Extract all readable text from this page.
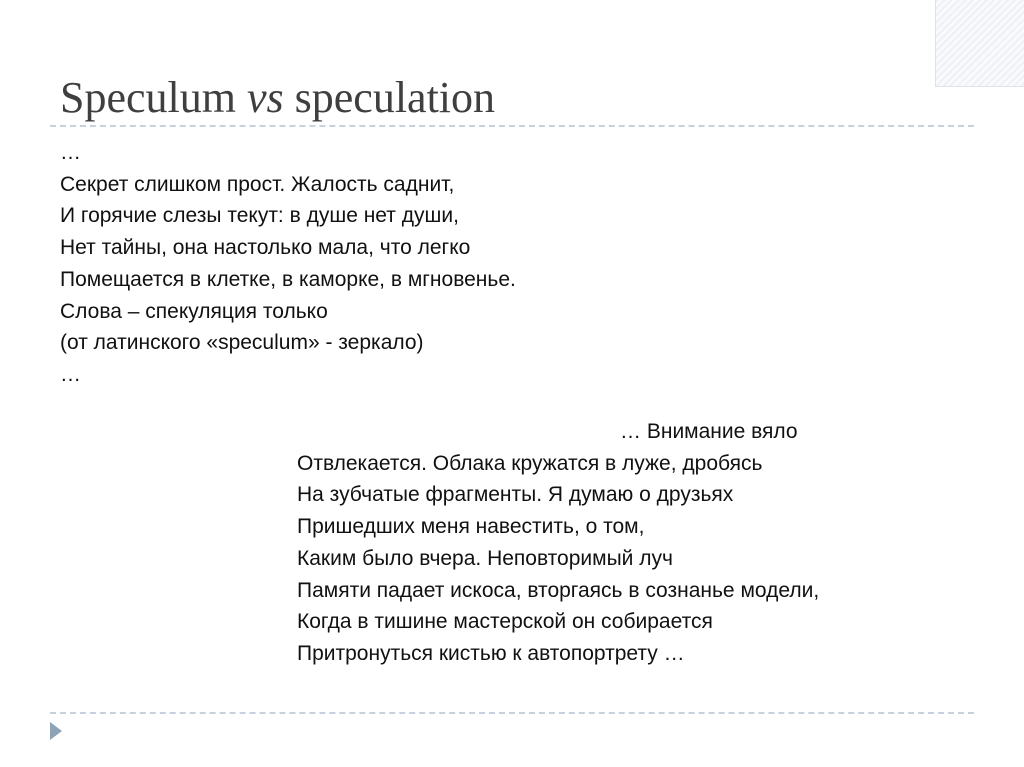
Speculum vs speculation
…
Секрет слишком прост. Жалость саднит,
И горячие слезы текут: в душе нет души,
Нет тайны, она настолько мала, что легко
Помещается в клетке, в каморке, в мгновенье.
Слова – спекуляция только
(от латинского «speculum» - зеркало)
…
… Внимание вяло
Отвлекается. Облака кружатся в луже, дробясь
На зубчатые фрагменты. Я думаю о друзьях
Пришедших меня навестить, о том,
Каким было вчера. Неповторимый луч
Памяти падает искоса, вторгаясь в сознанье модели,
Когда в тишине мастерской он собирается
Притронуться кистью к автопортрету …
